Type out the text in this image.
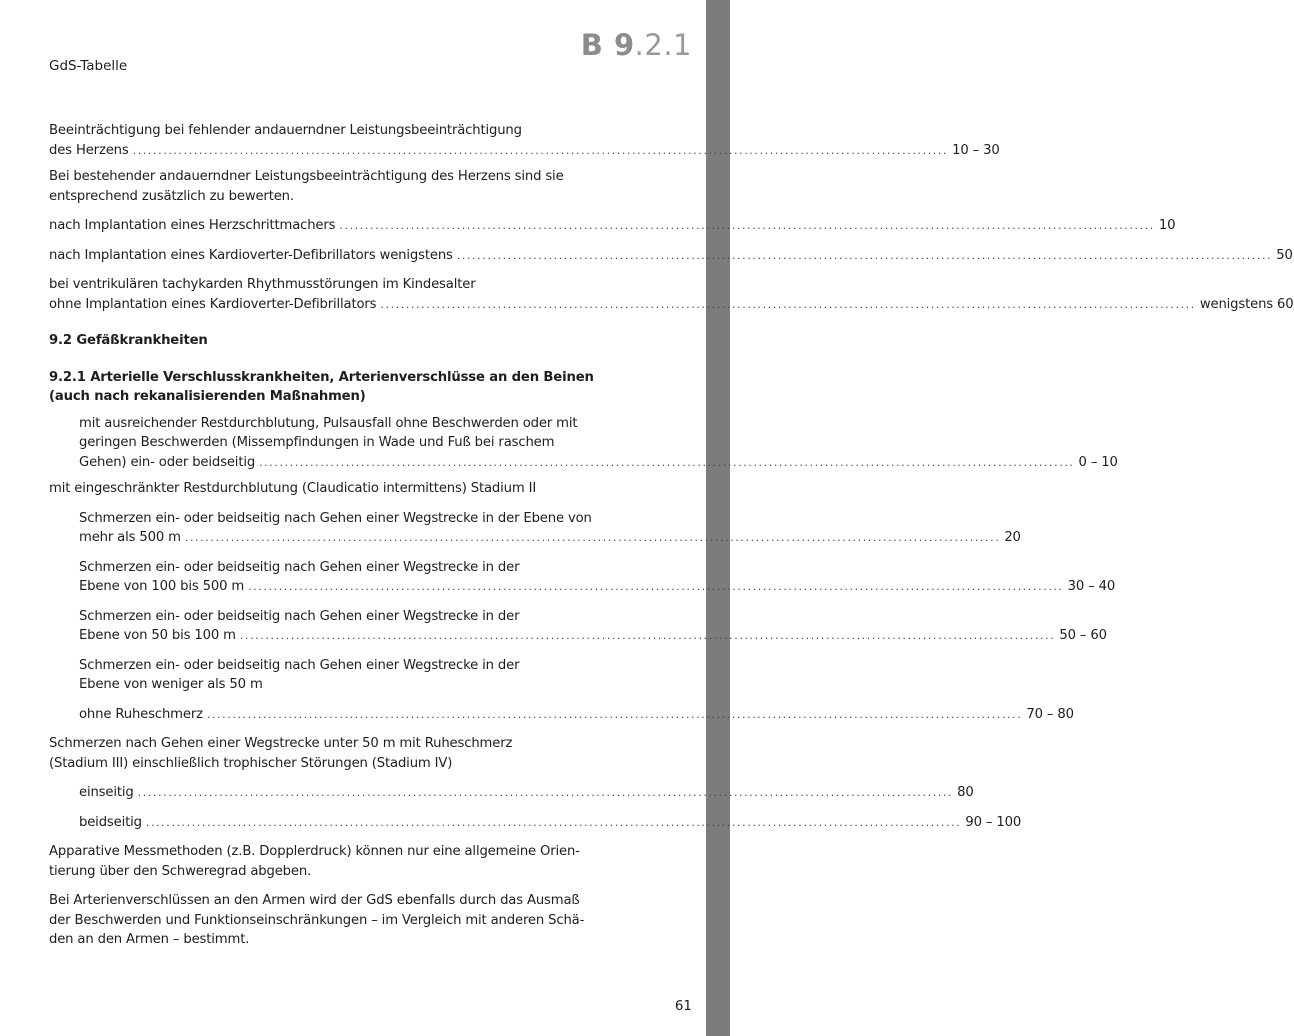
B 9.2.1
GdS-Tabelle

Beeinträchtigung bei fehlender andauerndner Leistungsbeeinträchtigung

des Herzens ................................................................................................................................................................ 10 – 30

Bei bestehender andauerndner Leistungsbeeinträchtigung des Herzens sind sie

entsprechend zusätzlich zu bewerten.

nach Implantation eines Herzschrittmachers ................................................................................................................................................................ 10
nach Implantation eines Kardioverter-Defibrillators wenigstens ................................................................................................................................................................ 50

bei ventrikulären tachykarden Rhythmusstörungen im Kindesalter

ohne Implantation eines Kardioverter-Defibrillators ................................................................................................................................................................ wenigstens 60

9.2 Gefäßkrankheiten

9.2.1 Arterielle Verschlusskrankheiten, Arterienverschlüsse an den Beinen

(auch nach rekanalisierenden Maßnahmen)

mit ausreichender Restdurchblutung, Pulsausfall ohne Beschwerden oder mit

geringen Beschwerden (Missempfindungen in Wade und Fuß bei raschem

Gehen) ein- oder beidseitig ................................................................................................................................................................ 0 – 10

mit eingeschränkter Restdurchblutung (Claudicatio intermittens) Stadium II

Schmerzen ein- oder beidseitig nach Gehen einer Wegstrecke in der Ebene von

mehr als 500 m ................................................................................................................................................................ 20

Schmerzen ein- oder beidseitig nach Gehen einer Wegstrecke in der

Ebene von 100 bis 500 m ................................................................................................................................................................ 30 – 40

Schmerzen ein- oder beidseitig nach Gehen einer Wegstrecke in der

Ebene von 50 bis 100 m ................................................................................................................................................................ 50 – 60

Schmerzen ein- oder beidseitig nach Gehen einer Wegstrecke in der

Ebene von weniger als 50 m

ohne Ruheschmerz ................................................................................................................................................................ 70 – 80

Schmerzen nach Gehen einer Wegstrecke unter 50 m mit Ruheschmerz

(Stadium III) einschließlich trophischer Störungen (Stadium IV)

einseitig ................................................................................................................................................................ 80
beidseitig ................................................................................................................................................................ 90 – 100

Apparative Messmethoden (z.B. Dopplerdruck) können nur eine allgemeine Orien-

tierung über den Schweregrad abgeben.

Bei Arterienverschlüssen an den Armen wird der GdS ebenfalls durch das Ausmaß

der Beschwerden und Funktionseinschränkungen – im Vergleich mit anderen Schä-

den an den Armen – bestimmt.

61
